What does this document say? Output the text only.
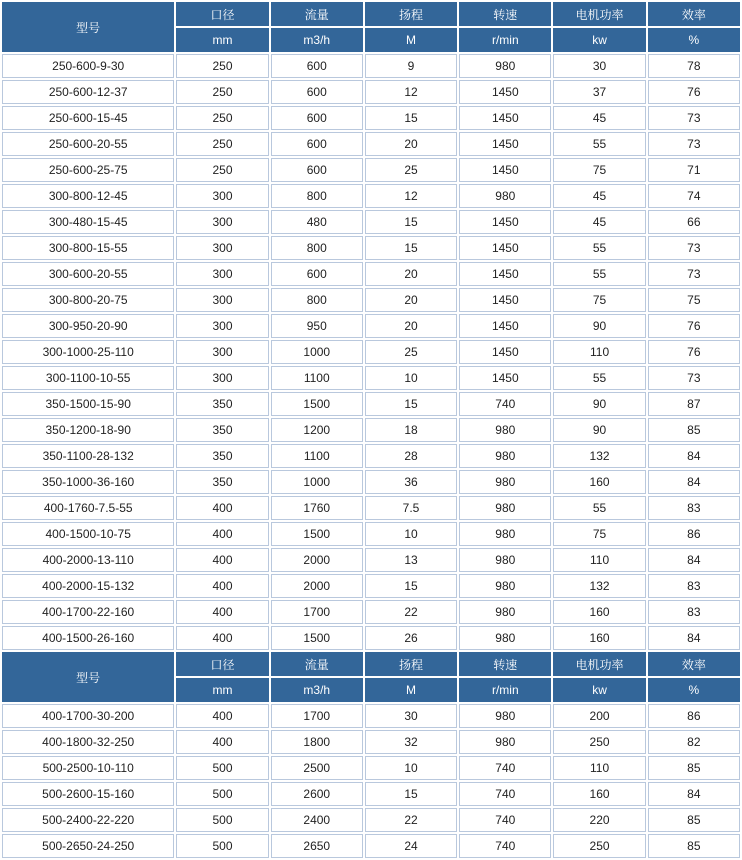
型号	口径	流量	扬程	转速	电机功率	效率
	mm	m3/h	M	r/min	kw	%
250-600-9-30	250	600	9	980	30	78
250-600-12-37	250	600	12	1450	37	76
250-600-15-45	250	600	15	1450	45	73
250-600-20-55	250	600	20	1450	55	73
250-600-25-75	250	600	25	1450	75	71
300-800-12-45	300	800	12	980	45	74
300-480-15-45	300	480	15	1450	45	66
300-800-15-55	300	800	15	1450	55	73
300-600-20-55	300	600	20	1450	55	73
300-800-20-75	300	800	20	1450	75	75
300-950-20-90	300	950	20	1450	90	76
300-1000-25-110	300	1000	25	1450	110	76
300-1100-10-55	300	1100	10	1450	55	73
350-1500-15-90	350	1500	15	740	90	87
350-1200-18-90	350	1200	18	980	90	85
350-1100-28-132	350	1100	28	980	132	84
350-1000-36-160	350	1000	36	980	160	84
400-1760-7.5-55	400	1760	7.5	980	55	83
400-1500-10-75	400	1500	10	980	75	86
400-2000-13-110	400	2000	13	980	110	84
400-2000-15-132	400	2000	15	980	132	83
400-1700-22-160	400	1700	22	980	160	83
400-1500-26-160	400	1500	26	980	160	84
型号	口径	流量	扬程	转速	电机功率	效率
	mm	m3/h	M	r/min	kw	%
400-1700-30-200	400	1700	30	980	200	86
400-1800-32-250	400	1800	32	980	250	82
500-2500-10-110	500	2500	10	740	110	85
500-2600-15-160	500	2600	15	740	160	84
500-2400-22-220	500	2400	22	740	220	85
500-2650-24-250	500	2650	24	740	250	85
